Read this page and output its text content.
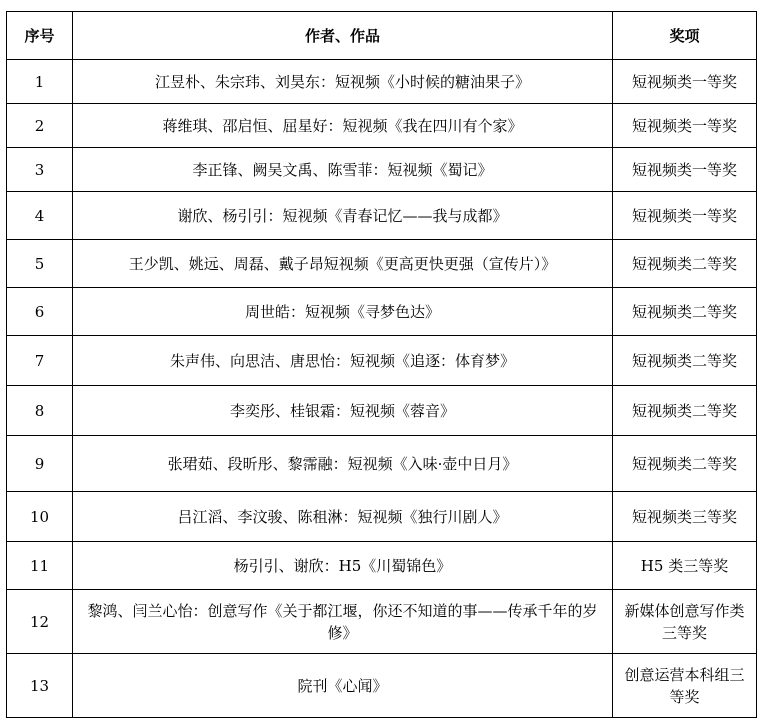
序号	作者、作品	奖项
1	江昱朴、朱宗玮、刘昊东：短视频《小时候的糖油果子》	短视频类一等奖
2	蒋维琪、邵启恒、屈星好：短视频《我在四川有个家》	短视频类一等奖
3	李正锋、阙吴文禹、陈雪菲：短视频《蜀记》	短视频类一等奖
4	谢欣、杨引引：短视频《青春记忆——我与成都》	短视频类一等奖
5	王少凯、姚远、周磊、戴子昂短视频《更高更快更强（宣传片）》	短视频类二等奖
6	周世皓：短视频《寻梦色达》	短视频类二等奖
7	朱声伟、向思洁、唐思怡：短视频《追逐：体育梦》	短视频类二等奖
8	李奕彤、桂银霜：短视频《蓉音》	短视频类二等奖
9	张珺茹、段昕彤、黎霈融：短视频《入味·壶中日月》	短视频类二等奖
10	吕江滔、李汶骏、陈租淋：短视频《独行川剧人》	短视频类三等奖
11	杨引引、谢欣：H5《川蜀锦色》	H5 类三等奖
12	黎鸿、闫兰心怡：创意写作《关于都江堰，你还不知道的事——传承千年的岁修》	新媒体创意写作类三等奖
13	院刊《心闻》	创意运营本科组三等奖
